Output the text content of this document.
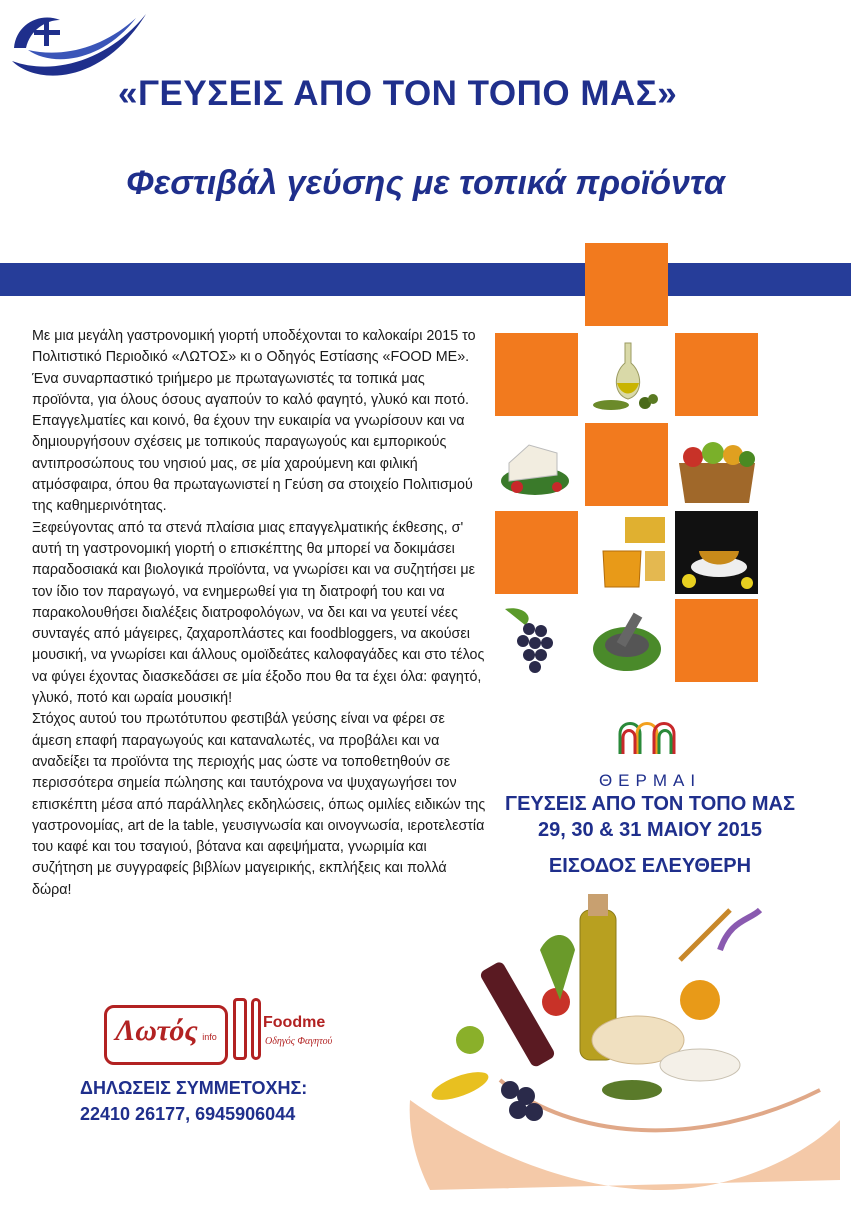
«ΓΕΥΣΕΙΣ ΑΠΟ ΤΟΝ ΤΟΠΟ ΜΑΣ»
Φεστιβάλ γεύσης με τοπικά προϊόντα

Με μια μεγάλη γαστρονομική γιορτή υποδέχονται το καλοκαίρι 2015 το Πολιτιστικό Περιοδικό «ΛΩΤΟΣ» κι ο Οδηγός Εστίασης «FOOD ME».

Ένα συναρπαστικό τριήμερο με πρωταγωνιστές τα τοπικά μας προϊόντα, για όλους όσους αγαπούν το καλό φαγητό, γλυκό και ποτό.

Επαγγελματίες και κοινό, θα έχουν την ευκαιρία να γνωρίσουν και να δημιουργήσουν σχέσεις με τοπικούς παραγωγούς και εμπορικούς αντιπροσώπους του νησιού μας, σε μία χαρούμενη και φιλική ατμόσφαιρα, όπου θα πρωταγωνιστεί η Γεύση σα στοιχείο Πολιτισμού της καθημερινότητας.

Ξεφεύγοντας από τα στενά πλαίσια μιας επαγγελματικής έκθεσης, σ' αυτή τη γαστρονομική γιορτή ο επισκέπτης θα μπορεί να δοκιμάσει παραδοσιακά και βιολογικά προϊόντα, να γνωρίσει και να συζητήσει με τον ίδιο τον παραγωγό, να ενημερωθεί για τη διατροφή του και να παρακολουθήσει διαλέξεις διατροφολόγων, να δει και να γευτεί νέες συνταγές από μάγειρες, ζαχαροπλάστες και foodbloggers, να ακούσει μουσική, να γνωρίσει και άλλους ομοϊδεάτες καλοφαγάδες και στο τέλος να φύγει έχοντας διασκεδάσει σε μία έξοδο που θα τα έχει όλα: φαγητό, γλυκό, ποτό και ωραία μουσική!

Στόχος αυτού του πρωτότυπου φεστιβάλ γεύσης είναι να φέρει σε άμεση επαφή παραγωγούς και καταναλωτές, να προβάλει και να αναδείξει τα προϊόντα της περιοχής μας ώστε να τοποθετηθούν σε περισσότερα σημεία πώλησης και ταυτόχρονα να ψυχαγωγήσει τον επισκέπτη μέσα από παράλληλες εκδηλώσεις, όπως ομιλίες ειδικών της γαστρονομίας, art de la table, γευσιγνωσία και οινογνωσία, ιεροτελεστία του καφέ και του τσαγιού, βότανα και αφεψήματα, γνωριμία και συζήτηση με συγγραφείς βιβλίων μαγειρικής, εκπλήξεις και πολλά δώρα!

ΘΕΡΜΑΙ
ΓΕΥΣΕΙΣ ΑΠΟ ΤΟΝ ΤΟΠΟ ΜΑΣ
29, 30 & 31 ΜΑΙΟΥ 2015
ΕΙΣΟΔΟΣ ΕΛΕΥΘΕΡΗ
Λωτός info
Foodme
Οδηγός Φαγητού
ΔΗΛΩΣΕΙΣ ΣΥΜΜΕΤΟΧΗΣ:
22410 26177, 6945906044
